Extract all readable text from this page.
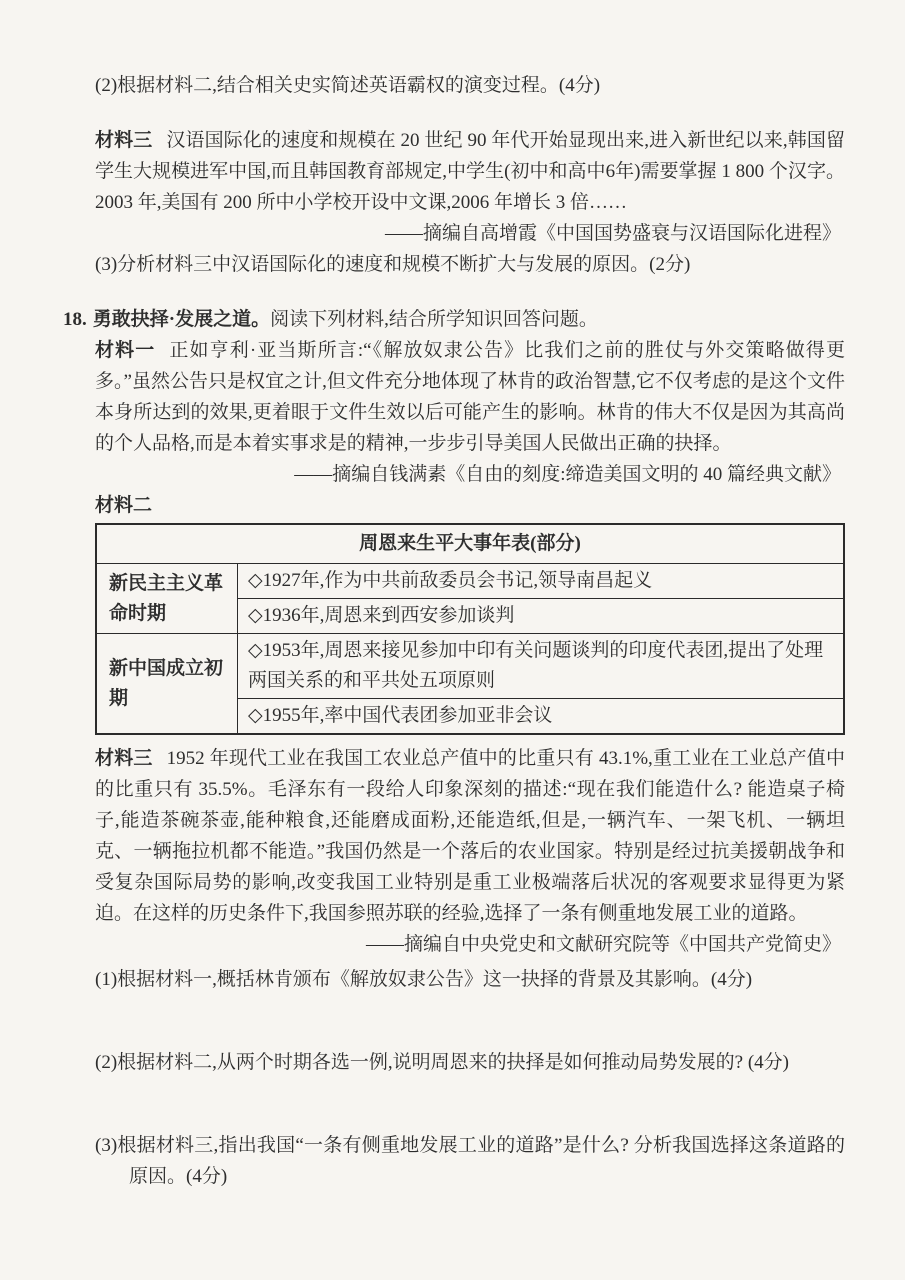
(2)根据材料二,结合相关史实简述英语霸权的演变过程。(4分)

材料三 汉语国际化的速度和规模在 20 世纪 90 年代开始显现出来,进入新世纪以来,韩国留学生大规模进军中国,而且韩国教育部规定,中学生(初中和高中6年)需要掌握 1 800 个汉字。2003 年,美国有 200 所中小学校开设中文课,2006 年增长 3 倍……

——摘编自高增霞《中国国势盛衰与汉语国际化进程》

(3)分析材料三中汉语国际化的速度和规模不断扩大与发展的原因。(2分)

18. 勇敢抉择·发展之道。阅读下列材料,结合所学知识回答问题。

材料一 正如亨利·亚当斯所言:“《解放奴隶公告》比我们之前的胜仗与外交策略做得更多。”虽然公告只是权宜之计,但文件充分地体现了林肯的政治智慧,它不仅考虑的是这个文件本身所达到的效果,更着眼于文件生效以后可能产生的影响。林肯的伟大不仅是因为其高尚的个人品格,而是本着实事求是的精神,一步步引导美国人民做出正确的抉择。

——摘编自钱满素《自由的刻度:缔造美国文明的 40 篇经典文献》

材料二

周恩来生平大事年表(部分)	
新民主主义革命时期	◇1927年,作为中共前敌委员会书记,领导南昌起义
	◇1936年,周恩来到西安参加谈判
新中国成立初期	◇1953年,周恩来接见参加中印有关问题谈判的印度代表团,提出了处理两国关系的和平共处五项原则
	◇1955年,率中国代表团参加亚非会议

材料三 1952 年现代工业在我国工农业总产值中的比重只有 43.1%,重工业在工业总产值中的比重只有 35.5%。毛泽东有一段给人印象深刻的描述:“现在我们能造什么? 能造桌子椅子,能造茶碗茶壶,能种粮食,还能磨成面粉,还能造纸,但是,一辆汽车、一架飞机、一辆坦克、一辆拖拉机都不能造。”我国仍然是一个落后的农业国家。特别是经过抗美援朝战争和受复杂国际局势的影响,改变我国工业特别是重工业极端落后状况的客观要求显得更为紧迫。在这样的历史条件下,我国参照苏联的经验,选择了一条有侧重地发展工业的道路。

——摘编自中央党史和文献研究院等《中国共产党简史》

(1)根据材料一,概括林肯颁布《解放奴隶公告》这一抉择的背景及其影响。(4分)

(2)根据材料二,从两个时期各选一例,说明周恩来的抉择是如何推动局势发展的? (4分)

(3)根据材料三,指出我国“一条有侧重地发展工业的道路”是什么? 分析我国选择这条道路的原因。(4分)
